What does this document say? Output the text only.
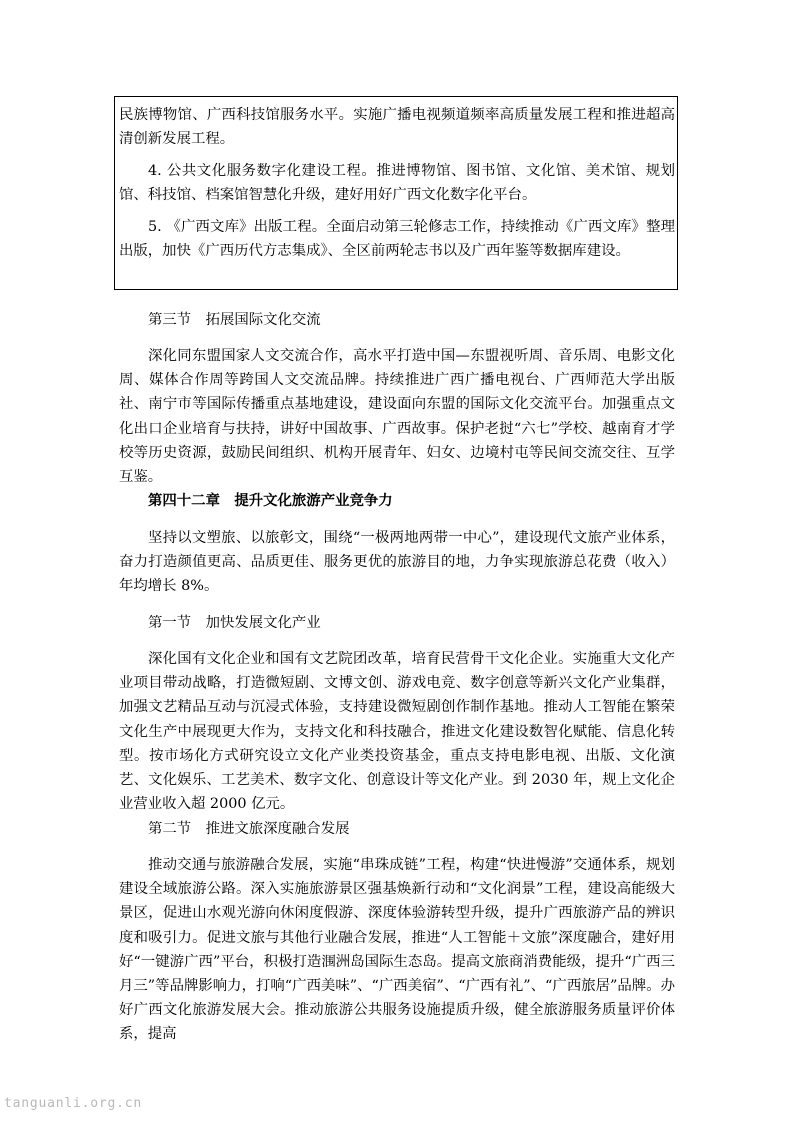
民族博物馆、广西科技馆服务水平。实施广播电视频道频率高质量发展工程和推进超高清创新发展工程。

4. 公共文化服务数字化建设工程。推进博物馆、图书馆、文化馆、美术馆、规划馆、科技馆、档案馆智慧化升级，建好用好广西文化数字化平台。

5. 《广西文库》出版工程。全面启动第三轮修志工作，持续推动《广西文库》整理出版，加快《广西历代方志集成》、全区前两轮志书以及广西年鉴等数据库建设。

第三节　拓展国际文化交流

深化同东盟国家人文交流合作，高水平打造中国—东盟视听周、音乐周、电影文化周、媒体合作周等跨国人文交流品牌。持续推进广西广播电视台、广西师范大学出版社、南宁市等国际传播重点基地建设，建设面向东盟的国际文化交流平台。加强重点文化出口企业培育与扶持，讲好中国故事、广西故事。保护老挝“六七”学校、越南育才学校等历史资源，鼓励民间组织、机构开展青年、妇女、边境村屯等民间交流交往、互学互鉴。

第四十二章　提升文化旅游产业竞争力

坚持以文塑旅、以旅彰文，围绕“一极两地两带一中心”，建设现代文旅产业体系，奋力打造颜值更高、品质更佳、服务更优的旅游目的地，力争实现旅游总花费（收入）年均增长 8%。

第一节　加快发展文化产业

深化国有文化企业和国有文艺院团改革，培育民营骨干文化企业。实施重大文化产业项目带动战略，打造微短剧、文博文创、游戏电竞、数字创意等新兴文化产业集群，加强文艺精品互动与沉浸式体验，支持建设微短剧创作制作基地。推动人工智能在繁荣文化生产中展现更大作为，支持文化和科技融合，推进文化建设数智化赋能、信息化转型。按市场化方式研究设立文化产业类投资基金，重点支持电影电视、出版、文化演艺、文化娱乐、工艺美术、数字文化、创意设计等文化产业。到 2030 年，规上文化企业营业收入超 2000 亿元。

第二节　推进文旅深度融合发展

推动交通与旅游融合发展，实施“串珠成链”工程，构建“快进慢游”交通体系，规划建设全域旅游公路。深入实施旅游景区强基焕新行动和“文化润景”工程，建设高能级大景区，促进山水观光游向休闲度假游、深度体验游转型升级，提升广西旅游产品的辨识度和吸引力。促进文旅与其他行业融合发展，推进“人工智能＋文旅”深度融合，建好用好“一键游广西”平台，积极打造涠洲岛国际生态岛。提高文旅商消费能级，提升“广西三月三”等品牌影响力，打响“广西美味”、“广西美宿”、“广西有礼”、“广西旅居”品牌。办好广西文化旅游发展大会。推动旅游公共服务设施提质升级，健全旅游服务质量评价体系，提高

tanguanli.org.cn
